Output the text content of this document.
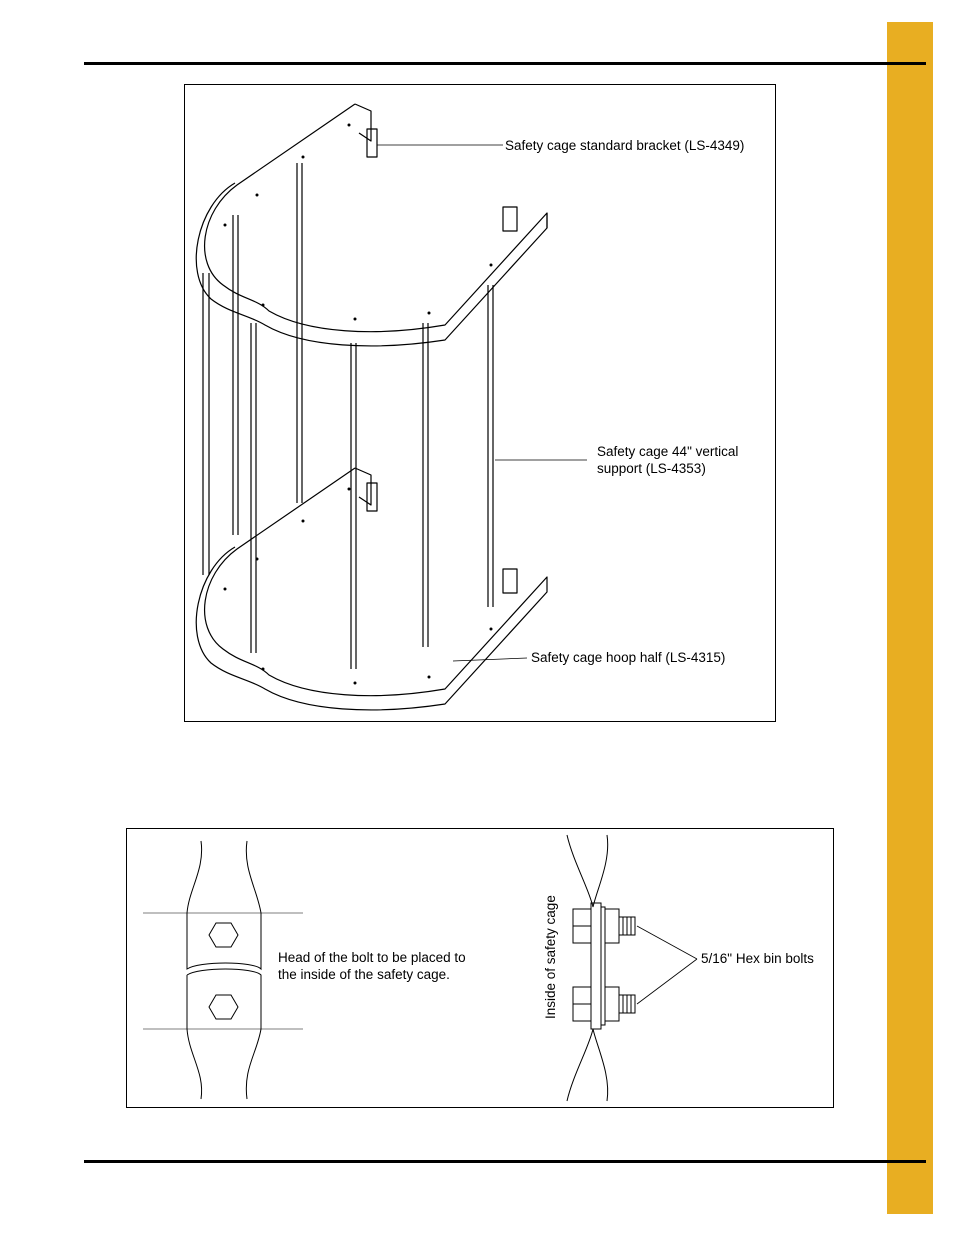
Safety cage standard bracket (LS-4349)
Safety cage 44" vertical
support (LS-4353)
Safety cage hoop half (LS-4315)
Head of the bolt to be placed to
the inside of the safety cage.	Inside of safety cage	5/16" Hex bin bolts
